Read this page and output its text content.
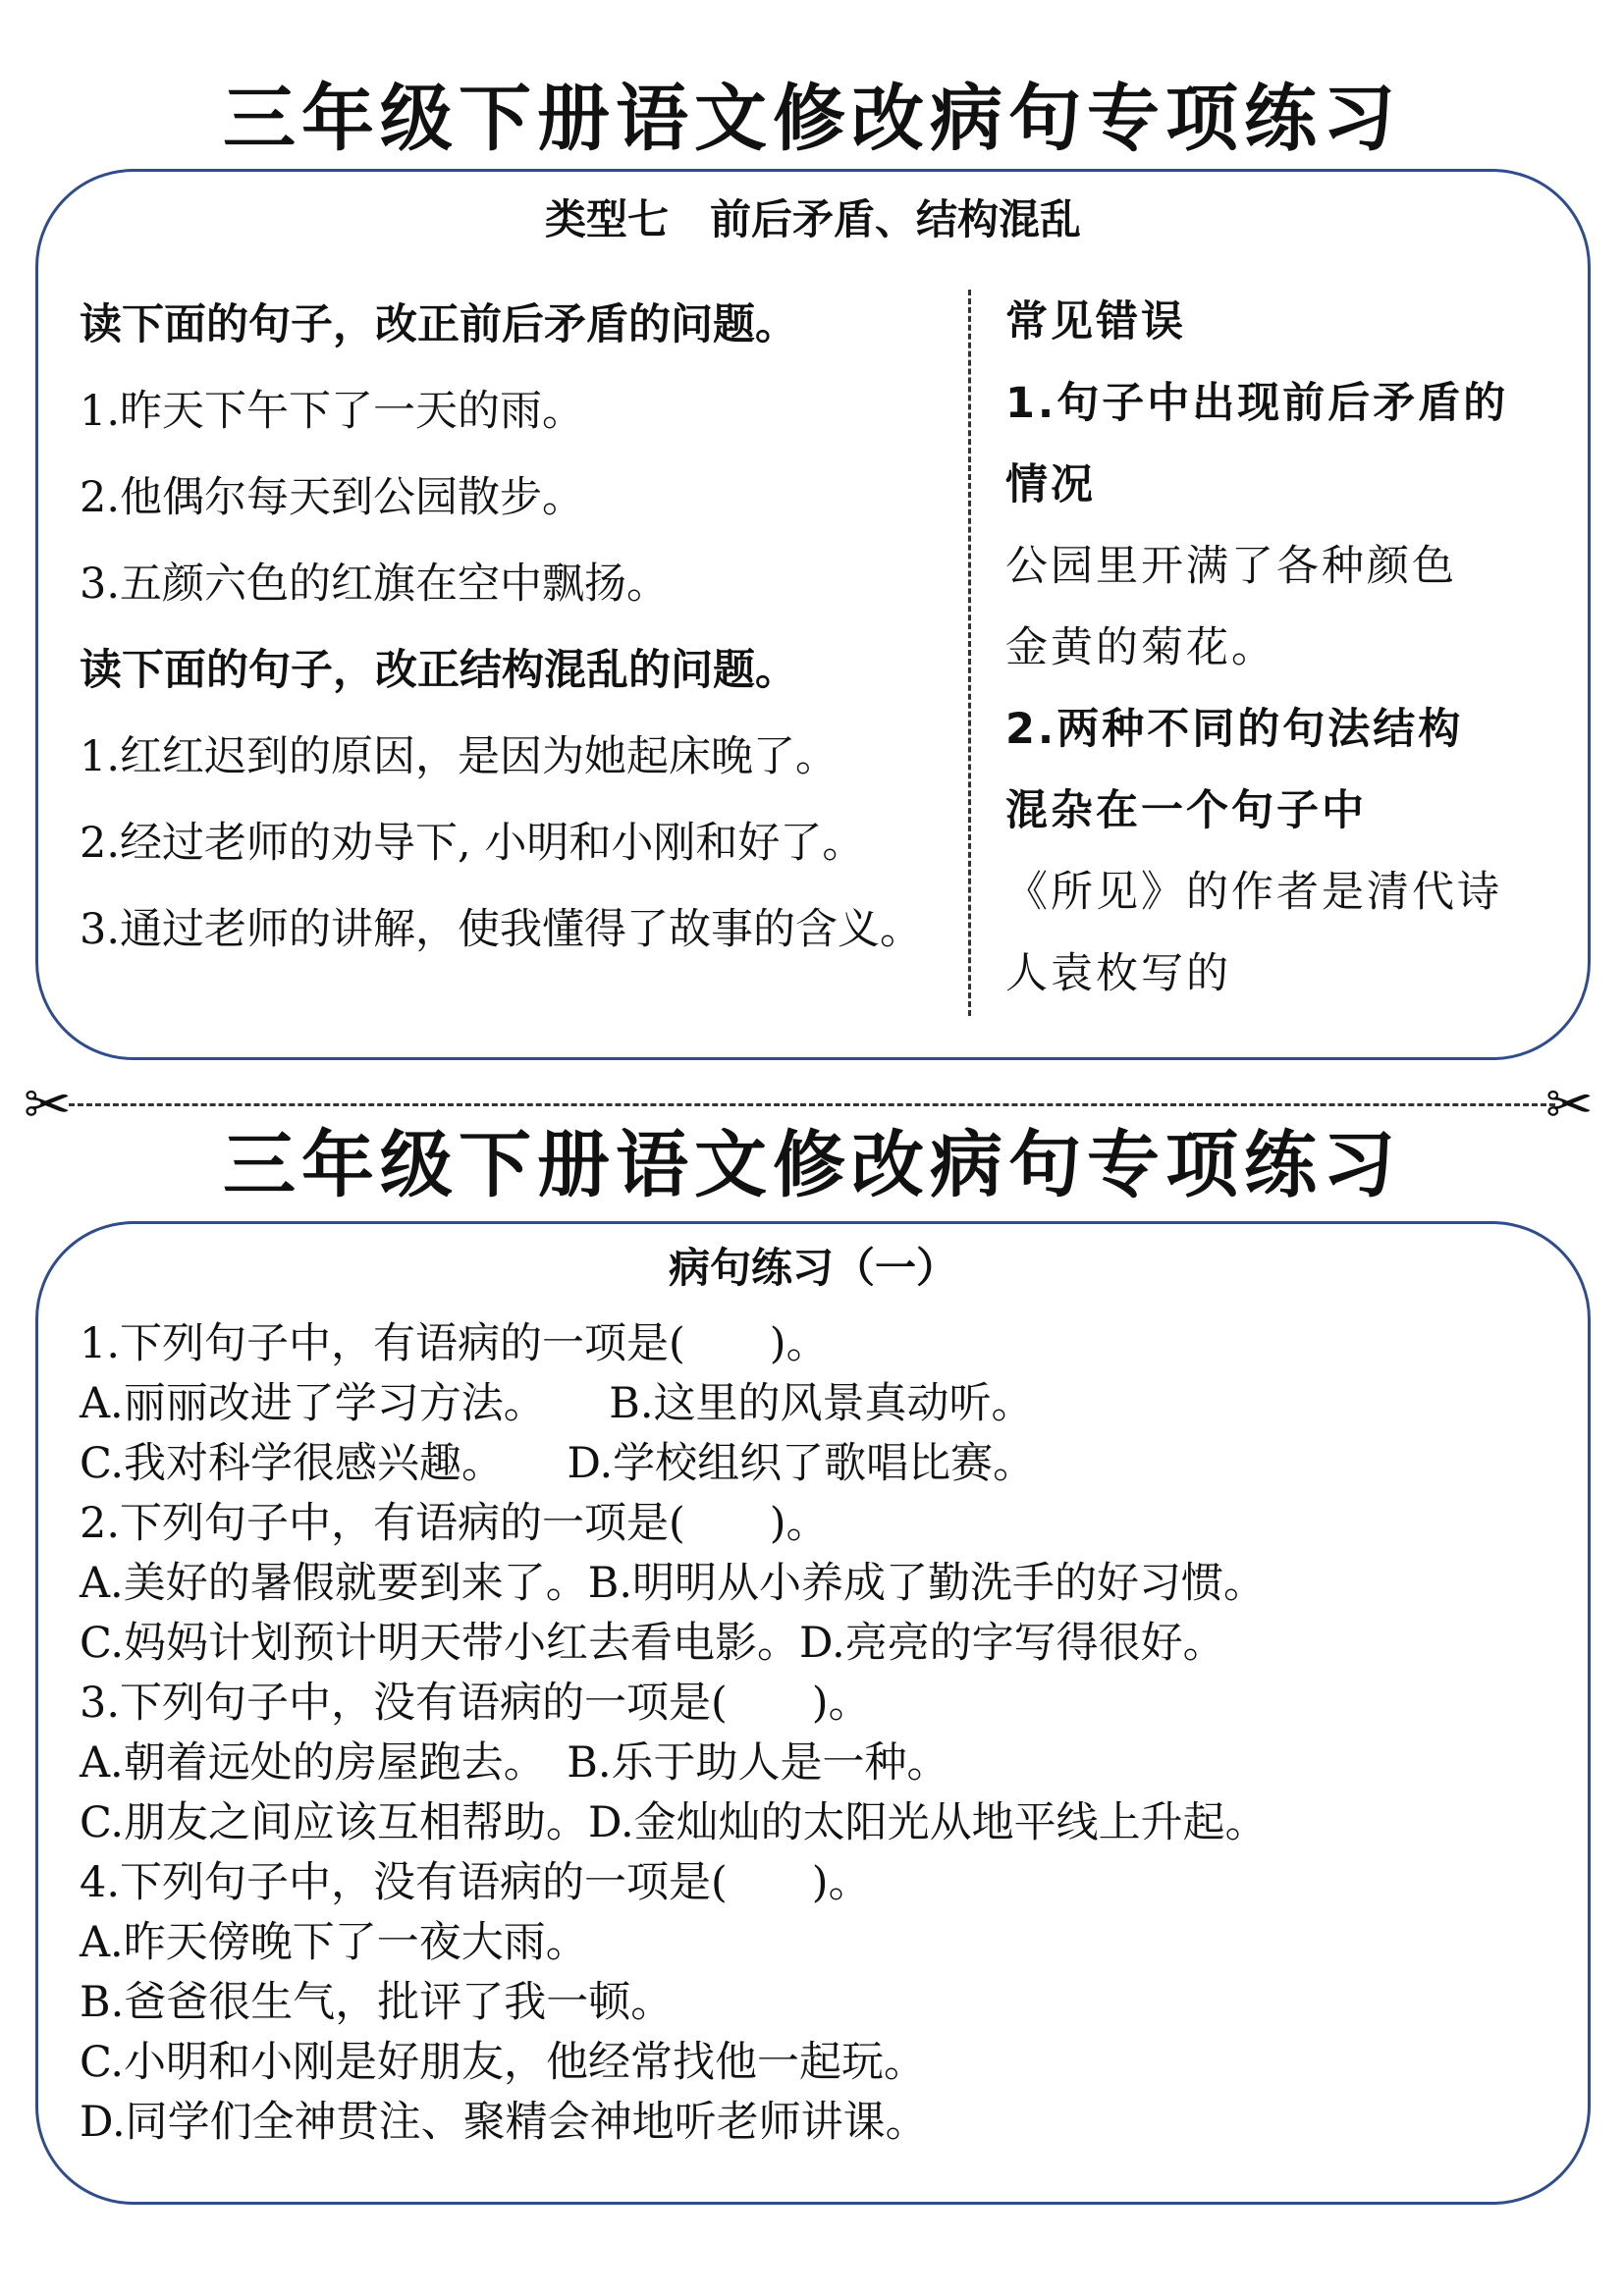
三年级下册语文修改病句专项练习
类型七　前后矛盾、结构混乱
读下面的句子，改正前后矛盾的问题。
1.昨天下午下了一天的雨。
2.他偶尔每天到公园散步。
3.五颜六色的红旗在空中飘扬。
读下面的句子，改正结构混乱的问题。
1.红红迟到的原因，是因为她起床晚了。
2.经过老师的劝导下, 小明和小刚和好了。
3.通过老师的讲解，使我懂得了故事的含义。
常见错误
1.句子中出现前后矛盾的
情况
公园里开满了各种颜色
金黄的菊花。
2.两种不同的句法结构
混杂在一个句子中
《所见》的作者是清代诗
人袁枚写的
✂	✂
三年级下册语文修改病句专项练习
病句练习（一）
1.下列句子中，有语病的一项是(　　)。
A.丽丽改进了学习方法。　　B.这里的风景真动听。
C.我对科学很感兴趣。　　D.学校组织了歌唱比赛。
2.下列句子中，有语病的一项是(　　)。
A.美好的暑假就要到来了。B.明明从小养成了勤洗手的好习惯。
C.妈妈计划预计明天带小红去看电影。D.亮亮的字写得很好。
3.下列句子中，没有语病的一项是(　　)。
A.朝着远处的房屋跑去。　B.乐于助人是一种。
C.朋友之间应该互相帮助。D.金灿灿的太阳光从地平线上升起。
4.下列句子中，没有语病的一项是(　　)。
A.昨天傍晚下了一夜大雨。
B.爸爸很生气，批评了我一顿。
C.小明和小刚是好朋友，他经常找他一起玩。
D.同学们全神贯注、聚精会神地听老师讲课。
